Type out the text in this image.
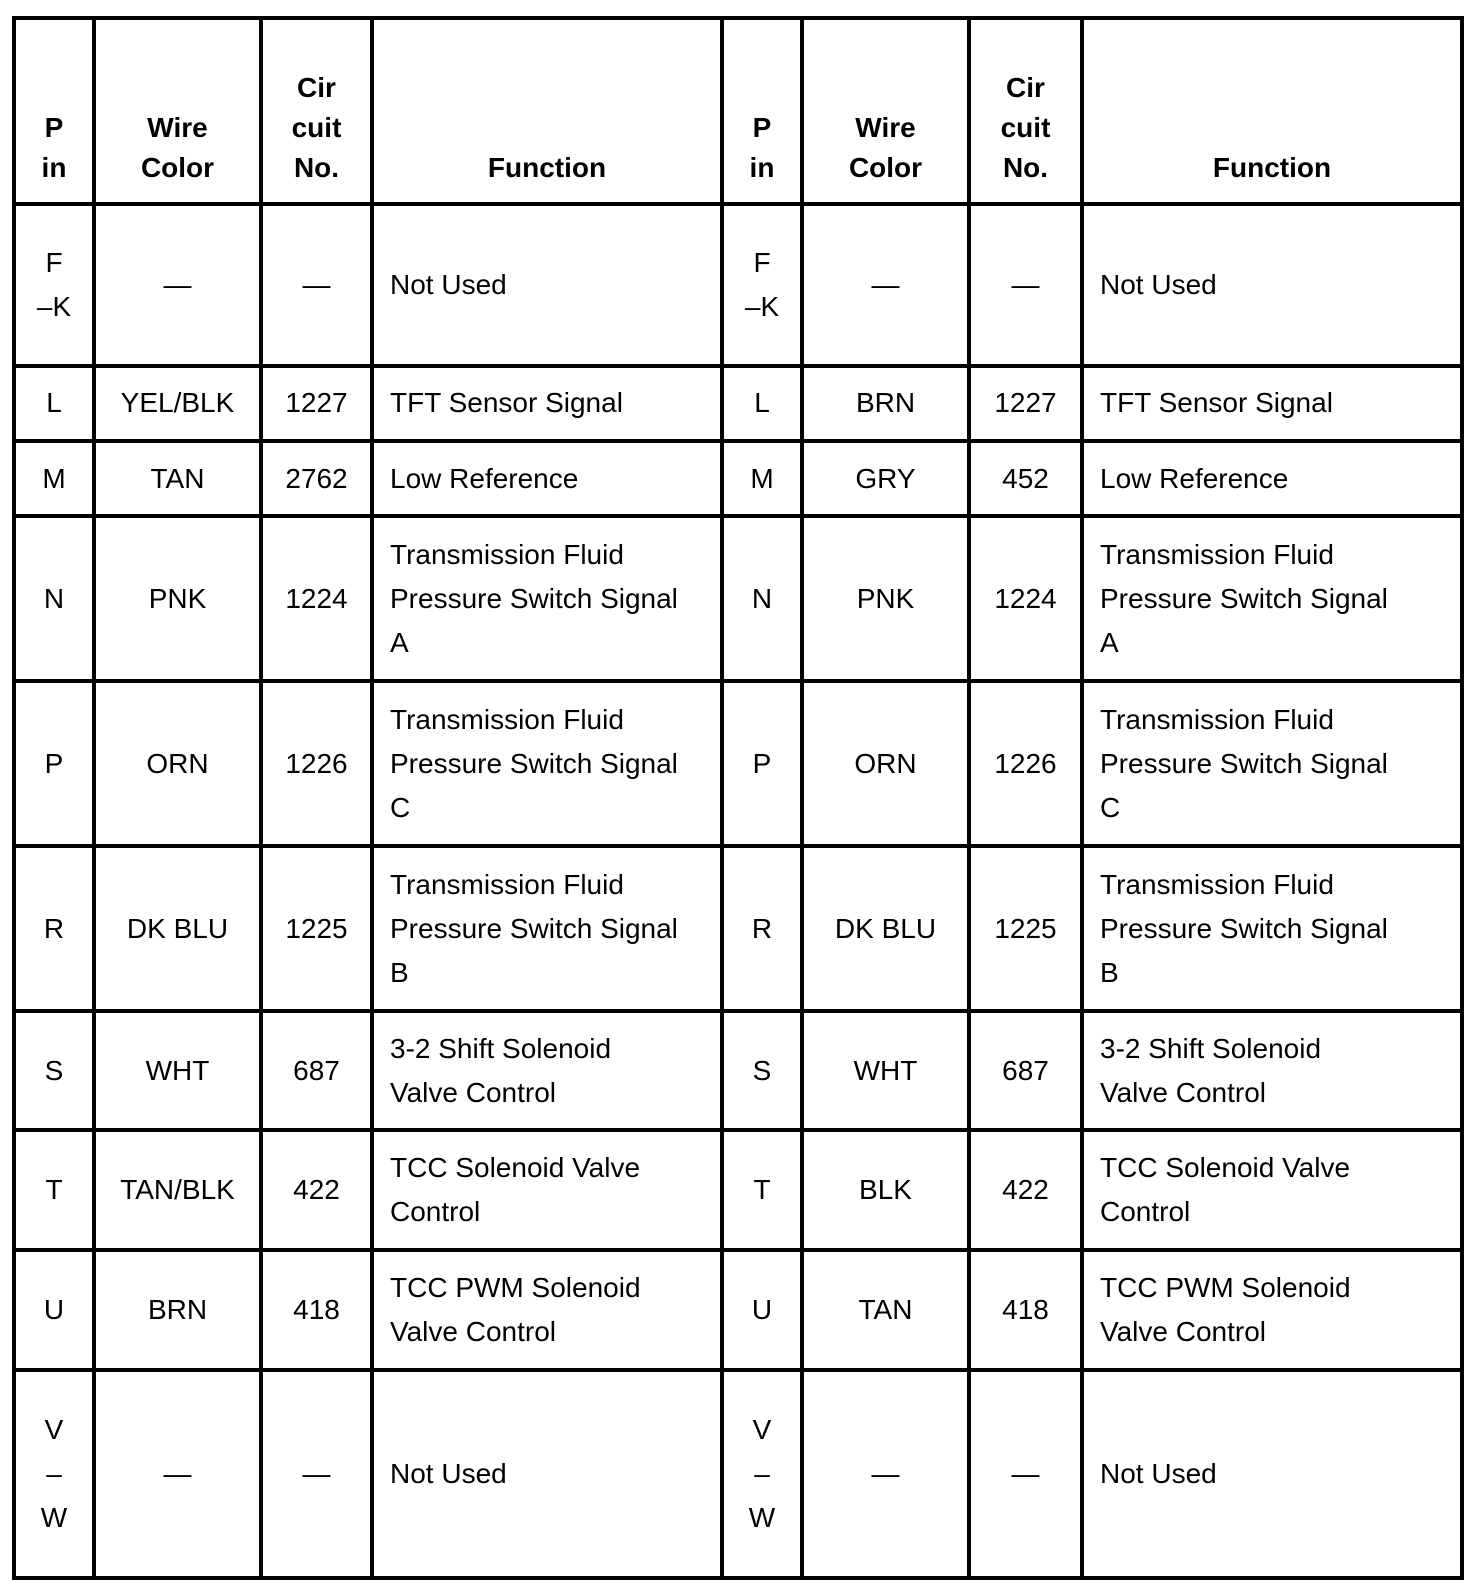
P
in	Wire
Color	Cir
cuit
No.	Function	P
in	Wire
Color	Cir
cuit
No.	Function
F
–K	—	—	Not Used	F
–K	—	—	Not Used
L	YEL/BLK	1227	TFT Sensor Signal	L	BRN	1227	TFT Sensor Signal
M	TAN	2762	Low Reference	M	GRY	452	Low Reference
N	PNK	1224	Transmission Fluid
Pressure Switch Signal
A	N	PNK	1224	Transmission Fluid
Pressure Switch Signal
A
P	ORN	1226	Transmission Fluid
Pressure Switch Signal
C	P	ORN	1226	Transmission Fluid
Pressure Switch Signal
C
R	DK BLU	1225	Transmission Fluid
Pressure Switch Signal
B	R	DK BLU	1225	Transmission Fluid
Pressure Switch Signal
B
S	WHT	687	3-2 Shift Solenoid
Valve Control	S	WHT	687	3-2 Shift Solenoid
Valve Control
T	TAN/BLK	422	TCC Solenoid Valve
Control	T	BLK	422	TCC Solenoid Valve
Control
U	BRN	418	TCC PWM Solenoid
Valve Control	U	TAN	418	TCC PWM Solenoid
Valve Control
V
–
W	—	—	Not Used	V
–
W	—	—	Not Used
